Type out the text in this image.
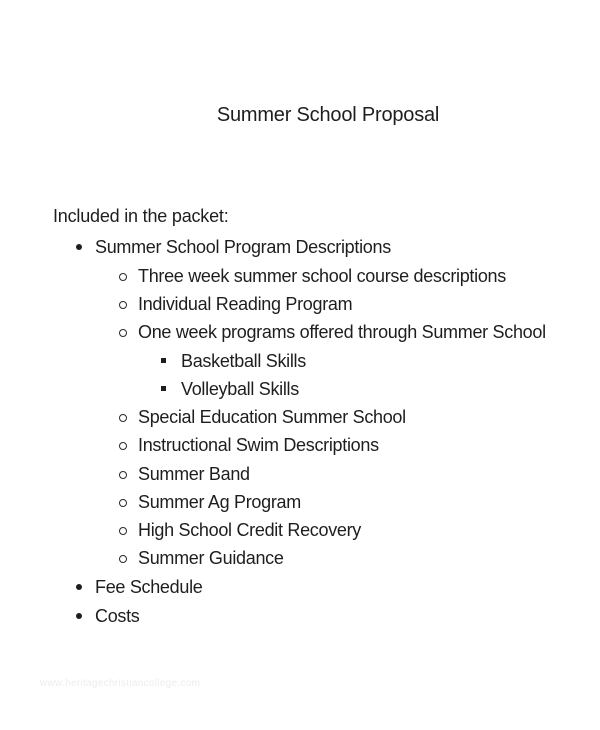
Summer School Proposal
Included in the packet:
Summer School Program Descriptions
Three week summer school course descriptions
Individual Reading Program
One week programs offered through Summer School
Basketball Skills
Volleyball Skills
Special Education Summer School
Instructional Swim Descriptions
Summer Band
Summer Ag Program
High School Credit Recovery
Summer Guidance
Fee Schedule
Costs
www.heritagechristiancollege.com
